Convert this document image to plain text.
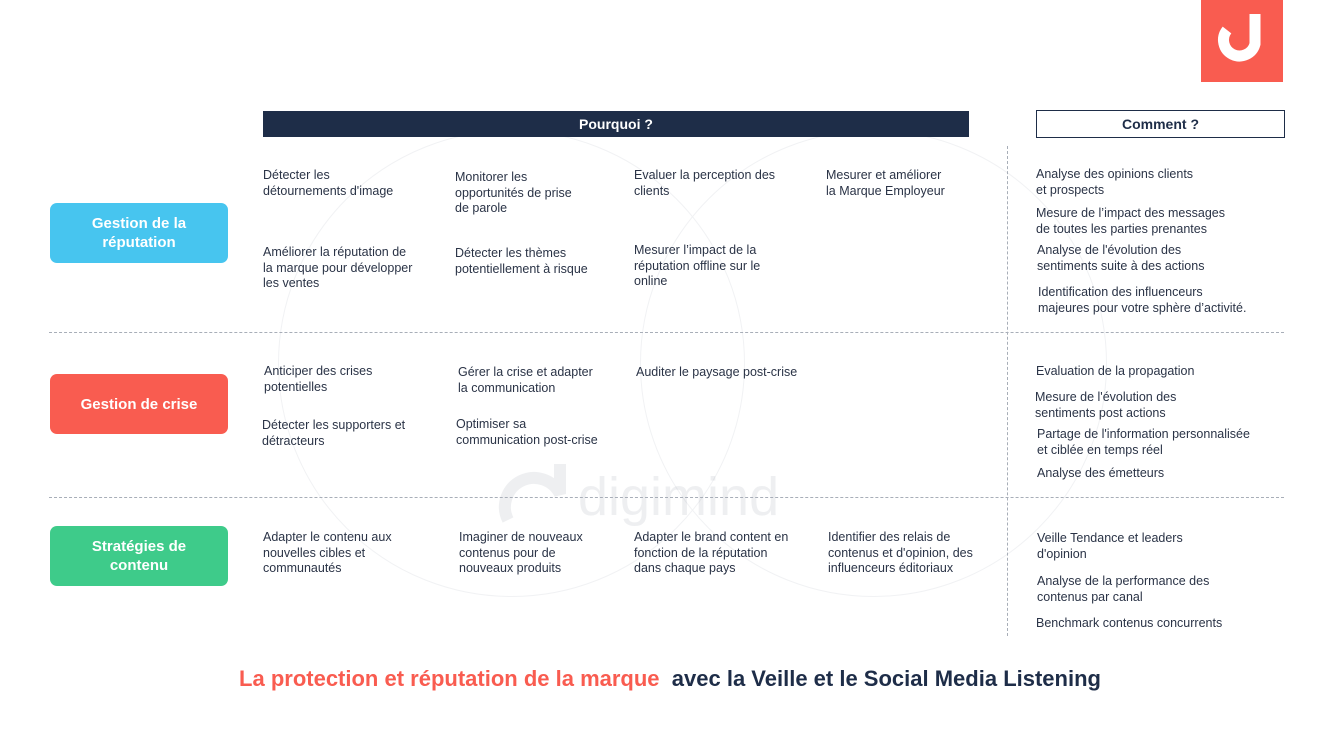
digimind
Pourquoi ?	Comment ?
Gestion de la réputation
Détecter les
détournements d'image
Monitorer les
opportunités de prise
de parole
Evaluer la perception des
clients
Mesurer et améliorer
la Marque Employeur
Améliorer la réputation de
la marque pour développer
les ventes
Détecter les thèmes
potentiellement à risque
Mesurer l’impact de la
réputation offline sur le
online
Analyse des opinions clients
et prospects
Mesure de l’impact des messages
de toutes les parties prenantes
Analyse de l'évolution des
sentiments suite à des actions
Identification des influenceurs
majeures pour votre sphère d’activité.
Gestion de crise
Anticiper des crises
potentielles
Gérer la crise et adapter
la communication
Auditer le paysage post-crise
Détecter les supporters et
détracteurs
Optimiser sa
communication post-crise
Evaluation de la propagation
Mesure de l'évolution des
sentiments post actions
Partage de l'information personnalisée
et ciblée en temps réel
Analyse des émetteurs
Stratégies de contenu
Adapter le contenu aux
nouvelles cibles et
communautés
Imaginer de nouveaux
contenus pour de
nouveaux produits
Adapter le brand content en
fonction de la réputation
dans chaque pays
Identifier des relais de
contenus et d'opinion, des
influenceurs éditoriaux
Veille Tendance et leaders
d'opinion
Analyse de la performance des
contenus par canal
Benchmark contenus concurrents
La protection et réputation de la marque avec la Veille et le Social Media Listening
